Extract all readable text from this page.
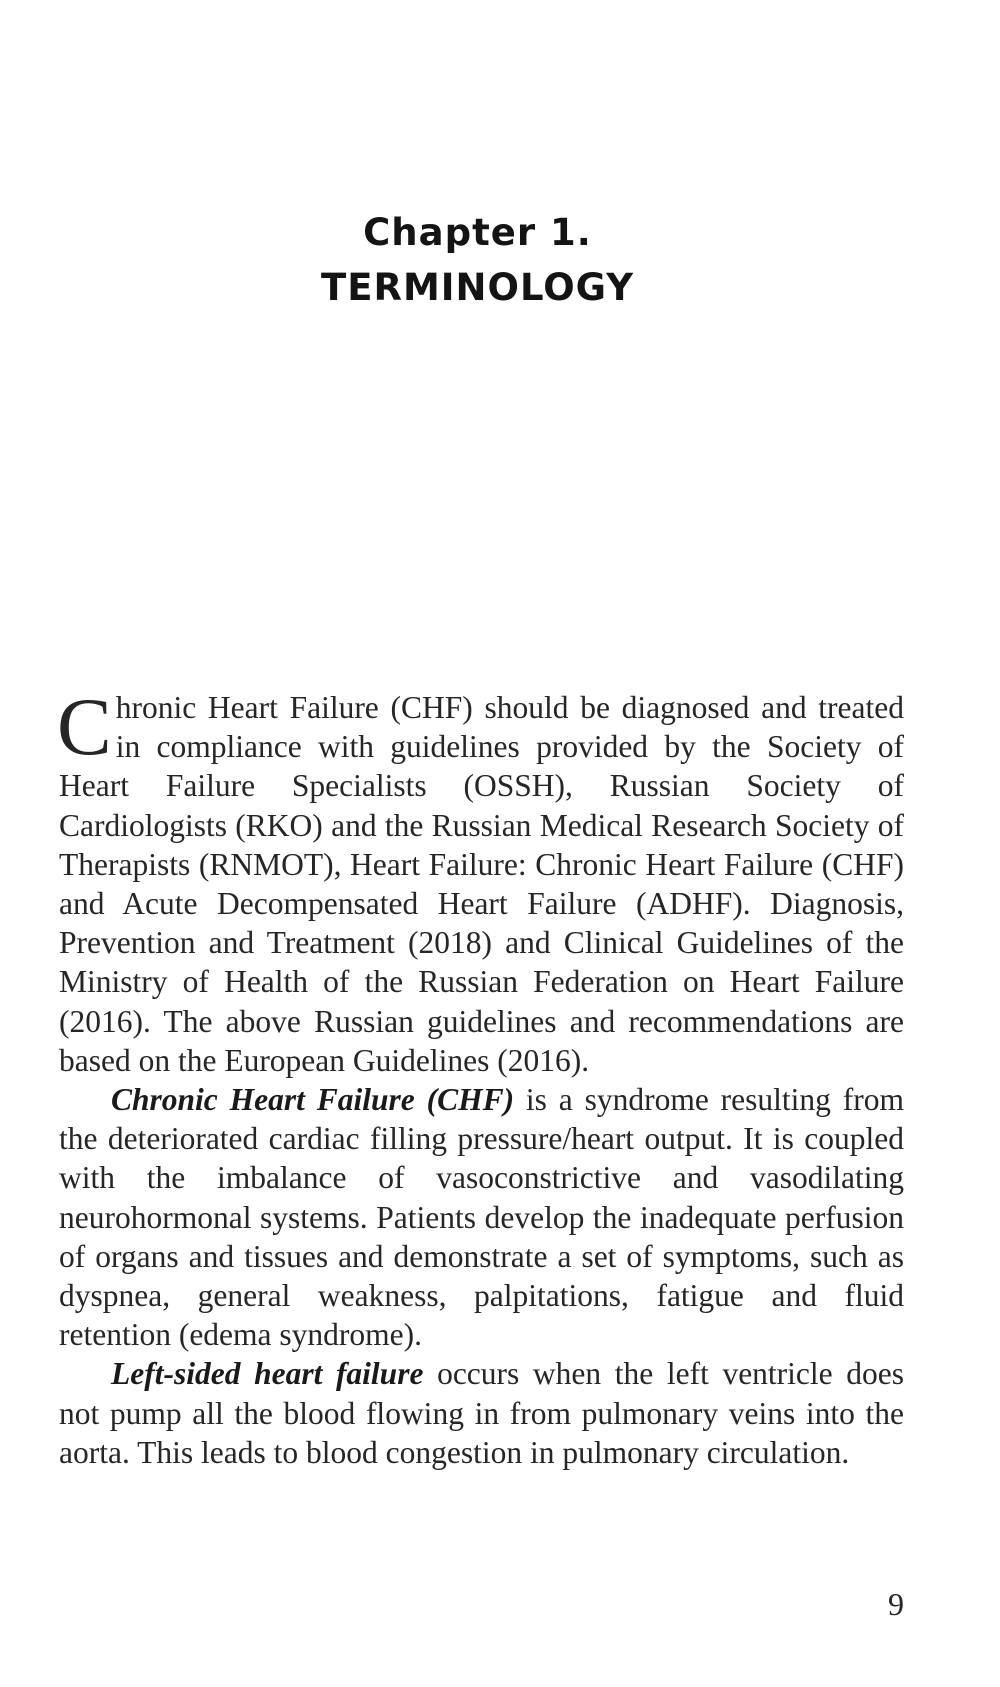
Chapter 1.
TERMINOLOGY

Chronic Heart Failure (CHF) should be diagnosed and treated in compliance with guidelines provided by the Society of Heart Failure Specialists (OSSH), Russian Society of Cardiologists (RKO) and the Russian Medical Research Society of Therapists (RNMOT), Heart Failure: Chronic Heart Failure (CHF) and Acute Decompensated Heart Failure (ADHF). Diagnosis, Prevention and Treatment (2018) and Clinical Guidelines of the Ministry of Health of the Russian Federation on Heart Failure (2016). The above Russian guidelines and recommendations are based on the European Guidelines (2016).

Chronic Heart Failure (CHF) is a syndrome resulting from the deteriorated cardiac filling pressure/heart output. It is coupled with the imbalance of vasoconstrictive and vasodilating neurohormonal systems. Patients develop the inadequate perfusion of organs and tissues and demonstrate a set of symptoms, such as dyspnea, general weakness, palpitations, fatigue and fluid retention (edema syndrome).

Left-sided heart failure occurs when the left ventricle does not pump all the blood flowing in from pulmonary veins into the aorta. This leads to blood congestion in pulmonary circulation.

9
